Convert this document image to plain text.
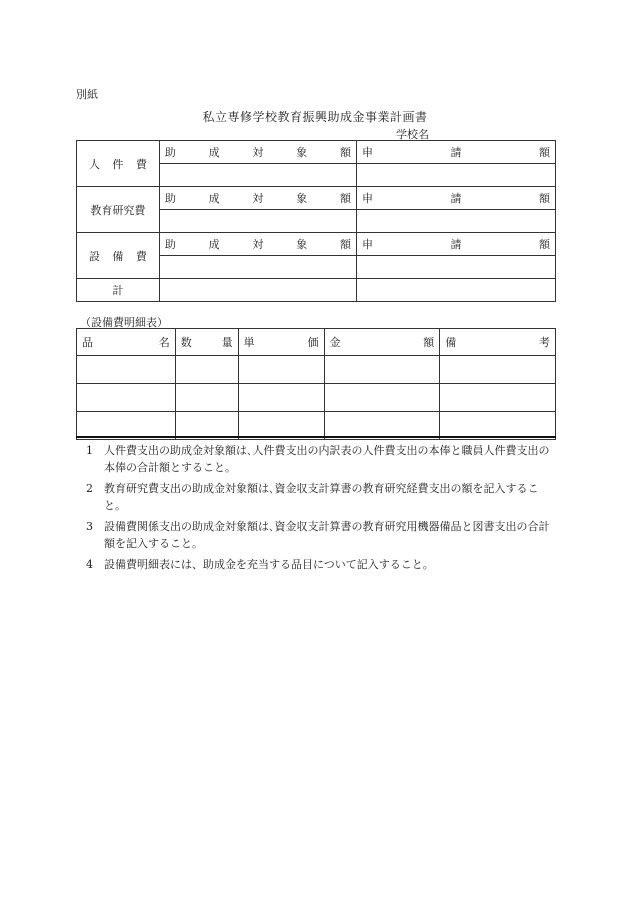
別紙
私立専修学校教育振興助成金事業計画書
学校名
人 件 費	助 成 対 象 額	申 請 額

教育研究費	助 成 対 象 額	申 請 額

設 備 費	助 成 対 象 額	申 請 額

計		
（設備費明細表）
品 名	数 量	単 価	金 額	備 考

1	人件費支出の助成金対象額は､人件費支出の内訳表の人件費支出の本俸と職員人件費支出の本俸の合計額とすること。
2	教育研究費支出の助成金対象額は､資金収支計算書の教育研究経費支出の額を記入すること。
3	設備費関係支出の助成金対象額は､資金収支計算書の教育研究用機器備品と図書支出の合計額を記入すること。
4	設備費明細表には、助成金を充当する品目について記入すること。
